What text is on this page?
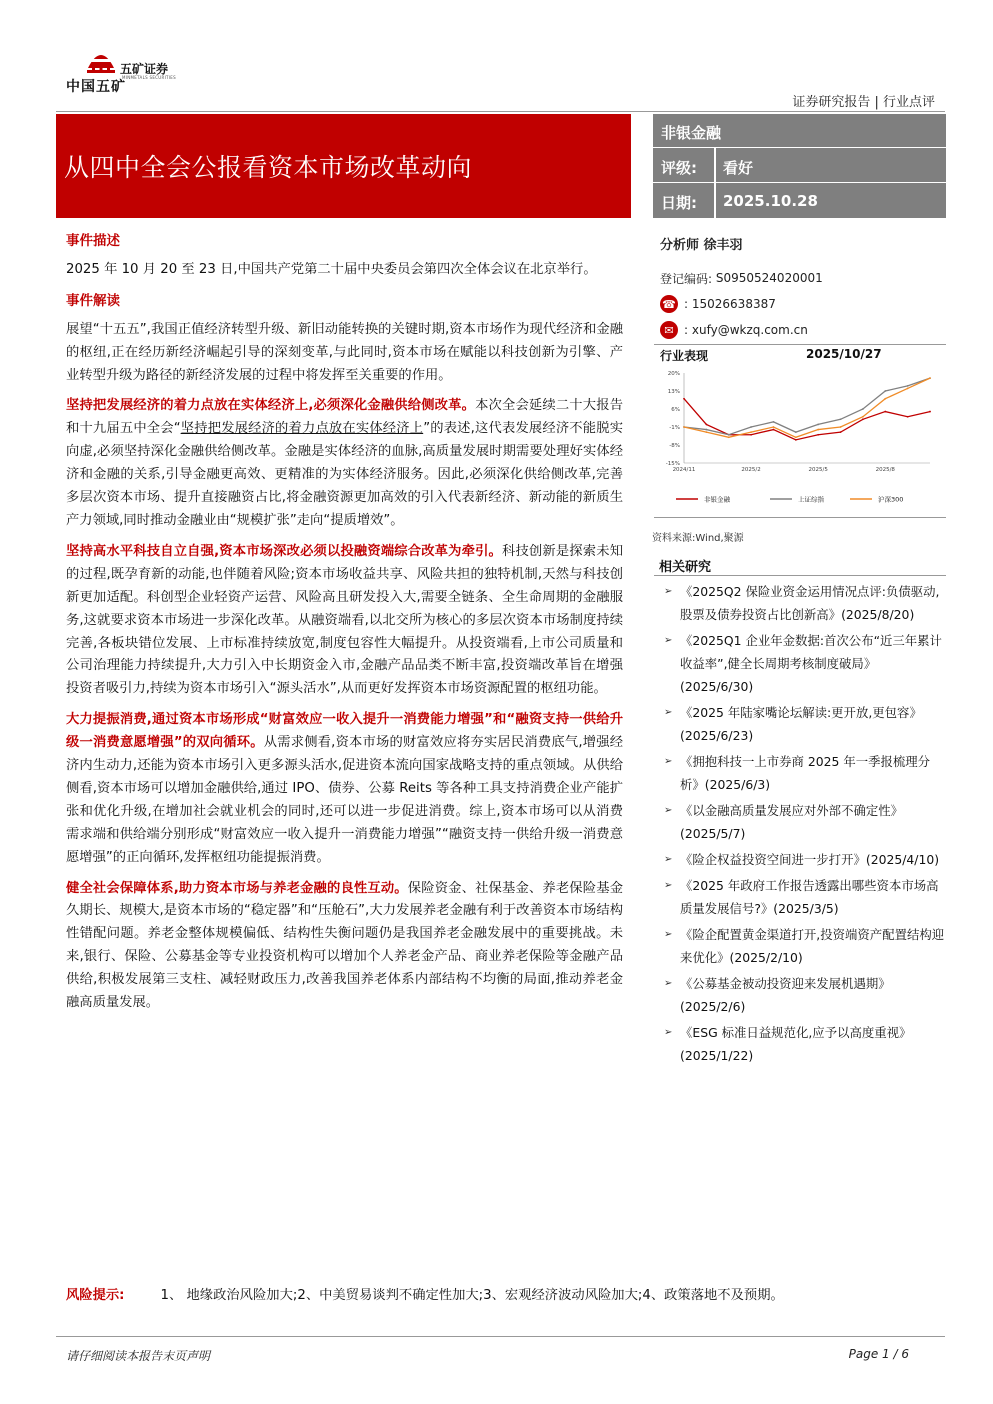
中国五矿
五矿证券
MINMETALS SECURITIES
证券研究报告 | 行业点评
从四中全会公报看资本市场改革动向
非银金融
评级: 看好
日期: 2025.10.28
分析师 徐丰羽
登记编码:
S0950524020001
☎ :
15026638387
✉ :
xufy@wkzq.com.cn
行业表现	2025/10/27
20%
13%
6%
-1%
-8%
-15%
2024/11	2025/2	2025/5	2025/8
非银金融	上证综指	沪深300
资料来源:Wind,聚源
相关研究
➢ 《2025Q2 保险业资金运用情况点评:负债驱动,股票及债券投资占比创新高》(2025/8/20)
➢ 《2025Q1 企业年金数据:首次公布“近三年累计收益率”,健全长周期考核制度破局》(2025/6/30)
➢ 《2025 年陆家嘴论坛解读:更开放,更包容》(2025/6/23)
➢ 《拥抱科技一上市券商 2025 年一季报梳理分析》(2025/6/3)
➢ 《以金融高质量发展应对外部不确定性》(2025/5/7)
➢ 《险企权益投资空间进一步打开》(2025/4/10)
➢ 《2025 年政府工作报告透露出哪些资本市场高质量发展信号?》(2025/3/5)
➢ 《险企配置黄金渠道打开,投资端资产配置结构迎来优化》(2025/2/10)
➢ 《公募基金被动投资迎来发展机遇期》(2025/2/6)
➢ 《ESG 标准日益规范化,应予以高度重视》(2025/1/22)
事件描述

2025 年 10 月 20 至 23 日,中国共产党第二十届中央委员会第四次全体会议在北京举行。

事件解读

展望“十五五”,我国正值经济转型升级、新旧动能转换的关键时期,资本市场作为现代经济和金融的枢纽,正在经历新经济崛起引导的深刻变革,与此同时,资本市场在赋能以科技创新为引擎、产业转型升级为路径的新经济发展的过程中将发挥至关重要的作用。

坚持把发展经济的着力点放在实体经济上,必须深化金融供给侧改革。本次全会延续二十大报告和十九届五中全会“坚持把发展经济的着力点放在实体经济上”的表述,这代表发展经济不能脱实向虚,必须坚持深化金融供给侧改革。金融是实体经济的血脉,高质量发展时期需要处理好实体经济和金融的关系,引导金融更高效、更精准的为实体经济服务。因此,必须深化供给侧改革,完善多层次资本市场、提升直接融资占比,将金融资源更加高效的引入代表新经济、新动能的新质生产力领域,同时推动金融业由“规模扩张”走向“提质增效”。

坚持高水平科技自立自强,资本市场深改必须以投融资端综合改革为牵引。科技创新是探索未知的过程,既孕育新的动能,也伴随着风险;资本市场收益共享、风险共担的独特机制,天然与科技创新更加适配。科创型企业轻资产运营、风险高且研发投入大,需要全链条、全生命周期的金融服务,这就要求资本市场进一步深化改革。从融资端看,以北交所为核心的多层次资本市场制度持续完善,各板块错位发展、上市标准持续放宽,制度包容性大幅提升。从投资端看,上市公司质量和公司治理能力持续提升,大力引入中长期资金入市,金融产品品类不断丰富,投资端改革旨在增强投资者吸引力,持续为资本市场引入“源头活水”,从而更好发挥资本市场资源配置的枢纽功能。

大力提振消费,通过资本市场形成“财富效应一收入提升一消费能力增强”和“融资支持一供给升级一消费意愿增强”的双向循环。从需求侧看,资本市场的财富效应将夯实居民消费底气,增强经济内生动力,还能为资本市场引入更多源头活水,促进资本流向国家战略支持的重点领域。从供给侧看,资本市场可以增加金融供给,通过 IPO、债券、公募 Reits 等各种工具支持消费企业产能扩张和优化升级,在增加社会就业机会的同时,还可以进一步促进消费。综上,资本市场可以从消费需求端和供给端分别形成“财富效应一收入提升一消费能力增强”“融资支持一供给升级一消费意愿增强”的正向循环,发挥枢纽功能提振消费。

健全社会保障体系,助力资本市场与养老金融的良性互动。保险资金、社保基金、养老保险基金久期长、规模大,是资本市场的“稳定器”和“压舱石”,大力发展养老金融有利于改善资本市场结构性错配问题。养老金整体规模偏低、结构性失衡问题仍是我国养老金融发展中的重要挑战。未来,银行、保险、公募基金等专业投资机构可以增加个人养老金产品、商业养老保险等金融产品供给,积极发展第三支柱、减轻财政压力,改善我国养老体系内部结构不均衡的局面,推动养老金融高质量发展。

风险提示:	1、 地缘政治风险加大;2、中美贸易谈判不确定性加大;3、宏观经济波动风险加大;4、政策落地不及预期。
请仔细阅读本报告末页声明	Page 1 / 6
